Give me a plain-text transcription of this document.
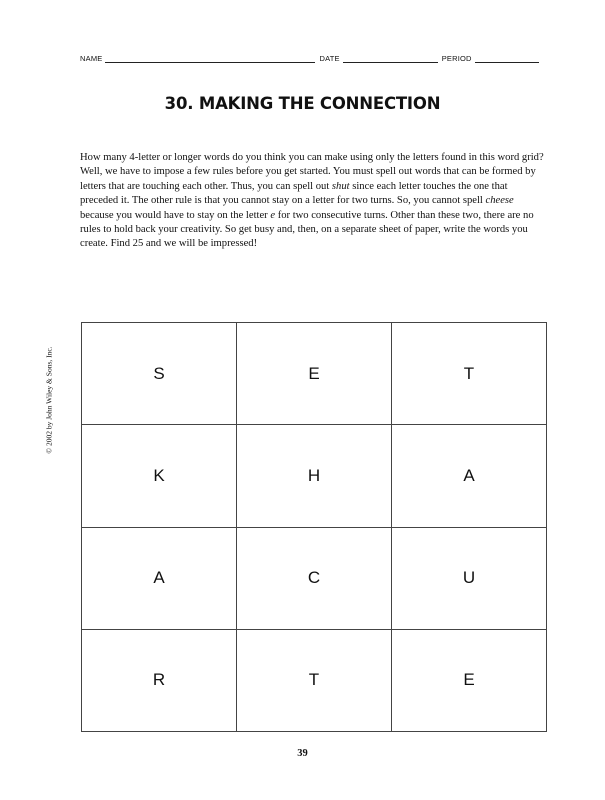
NAME	DATE	PERIOD
30. MAKING THE CONNECTION
How many 4-letter or longer words do you think you can make using only the letters found in this word grid? Well, we have to impose a few rules before you get started. You must spell out words that can be formed by letters that are touching each other. Thus, you can spell out shut since each letter touches the one that preceded it. The other rule is that you cannot stay on a letter for two turns. So, you cannot spell cheese because you would have to stay on the letter e for two consecutive turns. Other than these two, there are no rules to hold back your creativity. So get busy and, then, on a separate sheet of paper, write the words you create. Find 25 and we will be impressed!
© 2002 by John Wiley & Sons, Inc.	S	E	T
K	H	A
A	C	U
R	T	E
39
